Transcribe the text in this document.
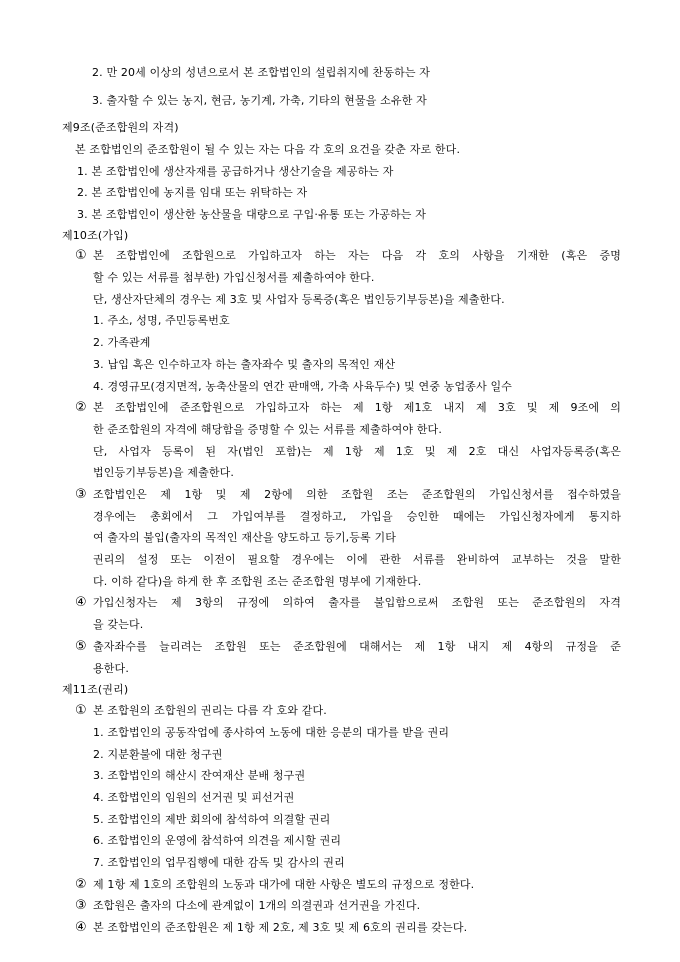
2. 만 20세 이상의 성년으로서 본 조합법인의 설립취지에 찬동하는 자
3. 출자할 수 있는 농지, 현금, 농기계, 가축, 기타의 현물을 소유한 자
제9조(준조합원의 자격)
본 조합법인의 준조합원이 될 수 있는 자는 다음 각 호의 요건을 갖춘 자로 한다.
1. 본 조합법인에 생산자재를 공급하거나 생산기술을 제공하는 자
2. 본 조합법인에 농지를 임대 또는 위탁하는 자
3. 본 조합법인이 생산한 농산물을 대량으로 구입·유통 또는 가공하는 자
제10조(가입)
① 본 조합법인에 조합원으로 가입하고자 하는 자는 다음 각 호의 사항을 기재한 (혹은 증명
할 수 있는 서류를 첨부한) 가입신청서를 제출하여야 한다.
단, 생산자단체의 경우는 제 3호 및 사업자 등록증(혹은 법인등기부등본)을 제출한다.
1. 주소, 성명, 주민등록번호
2. 가족관계
3. 납입 혹은 인수하고자 하는 출자좌수 및 출자의 목적인 재산
4. 경영규모(경지면적, 농축산물의 연간 판매액, 가축 사육두수) 및 연중 농업종사 일수
② 본 조합법인에 준조합원으로 가입하고자 하는 제 1항 제1호 내지 제 3호 및 제 9조에 의
한 준조합원의 자격에 해당함을 증명할 수 있는 서류를 제출하여야 한다.
단, 사업자 등록이 된 자(법인 포함)는 제 1항 제 1호 및 제 2호 대신 사업자등록증(혹은
법인등기부등본)을 제출한다.
③ 조합법인은 제 1항 및 제 2항에 의한 조합원 조는 준조합원의 가입신청서를 접수하였을
경우에는 총회에서 그 가입여부를 결정하고, 가입을 승인한 때에는 가입신청자에게 통지하
여 출자의 불입(출자의 목적인 재산을 양도하고 등기,등록 기타
권리의 설정 또는 이전이 필요할 경우에는 이에 관한 서류를 완비하여 교부하는 것을 말한
다. 이하 같다)을 하게 한 후 조합원 조는 준조합원 명부에 기재한다.
④ 가입신청자는 제 3항의 규정에 의하여 출자를 불입함으로써 조합원 또는 준조합원의 자격
을 갖는다.
⑤ 출자좌수를 늘리려는 조합원 또는 준조합원에 대해서는 제 1항 내지 제 4항의 규정을 준
용한다.
제11조(권리)
① 본 조합원의 조합원의 권리는 다름 각 호와 같다.
1. 조합법인의 공동작업에 종사하여 노동에 대한 응분의 대가를 받을 권리
2. 지분환불에 대한 청구권
3. 조합법인의 해산시 잔여재산 분배 청구권
4. 조합법인의 임원의 선거권 및 피선거권
5. 조합법인의 제반 회의에 참석하여 의결할 권리
6. 조합법인의 운영에 참석하여 의견을 제시할 권리
7. 조합법인의 업무집행에 대한 감독 및 감사의 권리
② 제 1항 제 1호의 조합원의 노동과 대가에 대한 사항은 별도의 규정으로 정한다.
③ 조합원은 출자의 다소에 관계없이 1개의 의결권과 선거권을 가진다.
④ 본 조합법인의 준조합원은 제 1항 제 2호, 제 3호 및 제 6호의 권리를 갖는다.
